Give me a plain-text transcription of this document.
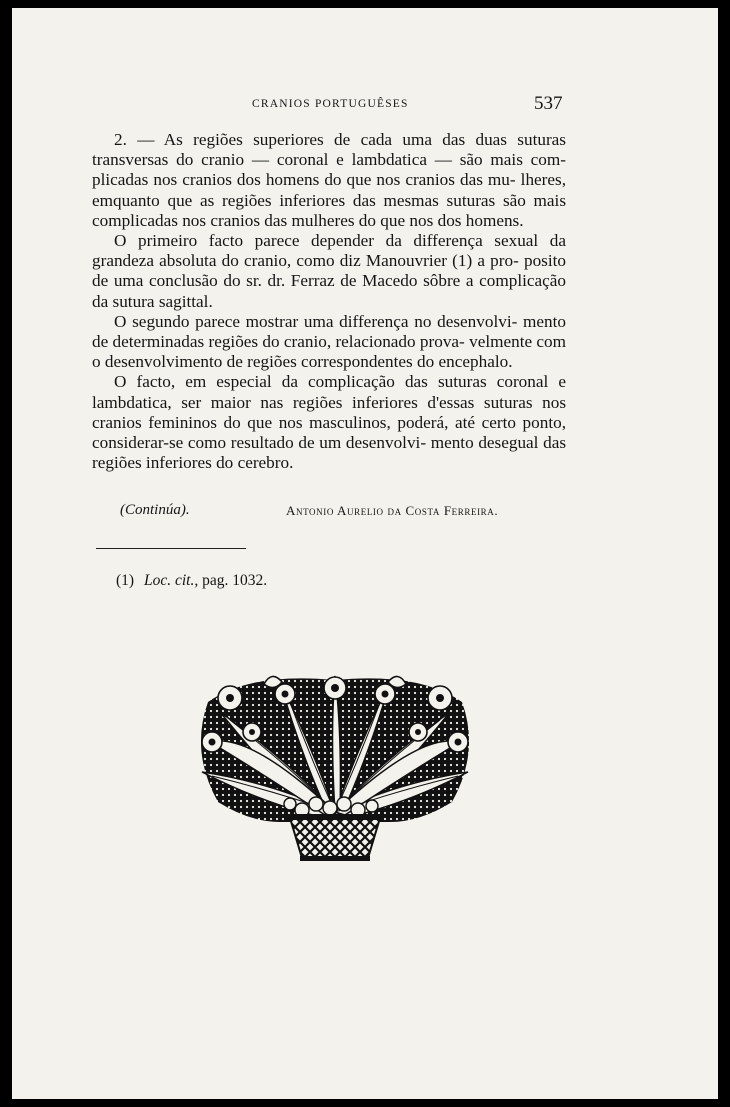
CRANIOS PORTUGUÊSES	537

2. — As regiões superiores de cada uma das duas suturas transversas do cranio — coronal e lambdatica — são mais com- plicadas nos cranios dos homens do que nos cranios das mu- lheres, emquanto que as regiões inferiores das mesmas suturas são mais complicadas nos cranios das mulheres do que nos dos homens.

O primeiro facto parece depender da differença sexual da grandeza absoluta do cranio, como diz Manouvrier (1) a pro- posito de uma conclusão do sr. dr. Ferraz de Macedo sôbre a complicação da sutura sagittal.

O segundo parece mostrar uma differença no desenvolvi- mento de determinadas regiões do cranio, relacionado prova- velmente com o desenvolvimento de regiões correspondentes do encephalo.

O facto, em especial da complicação das suturas coronal e lambdatica, ser maior nas regiões inferiores d'essas suturas nos cranios femininos do que nos masculinos, poderá, até certo ponto, considerar-se como resultado de um desenvolvi- mento desegual das regiões inferiores do cerebro.

(Continúa).	Antonio Aurelio da Costa Ferreira.
(1) Loc. cit., pag. 1032.
